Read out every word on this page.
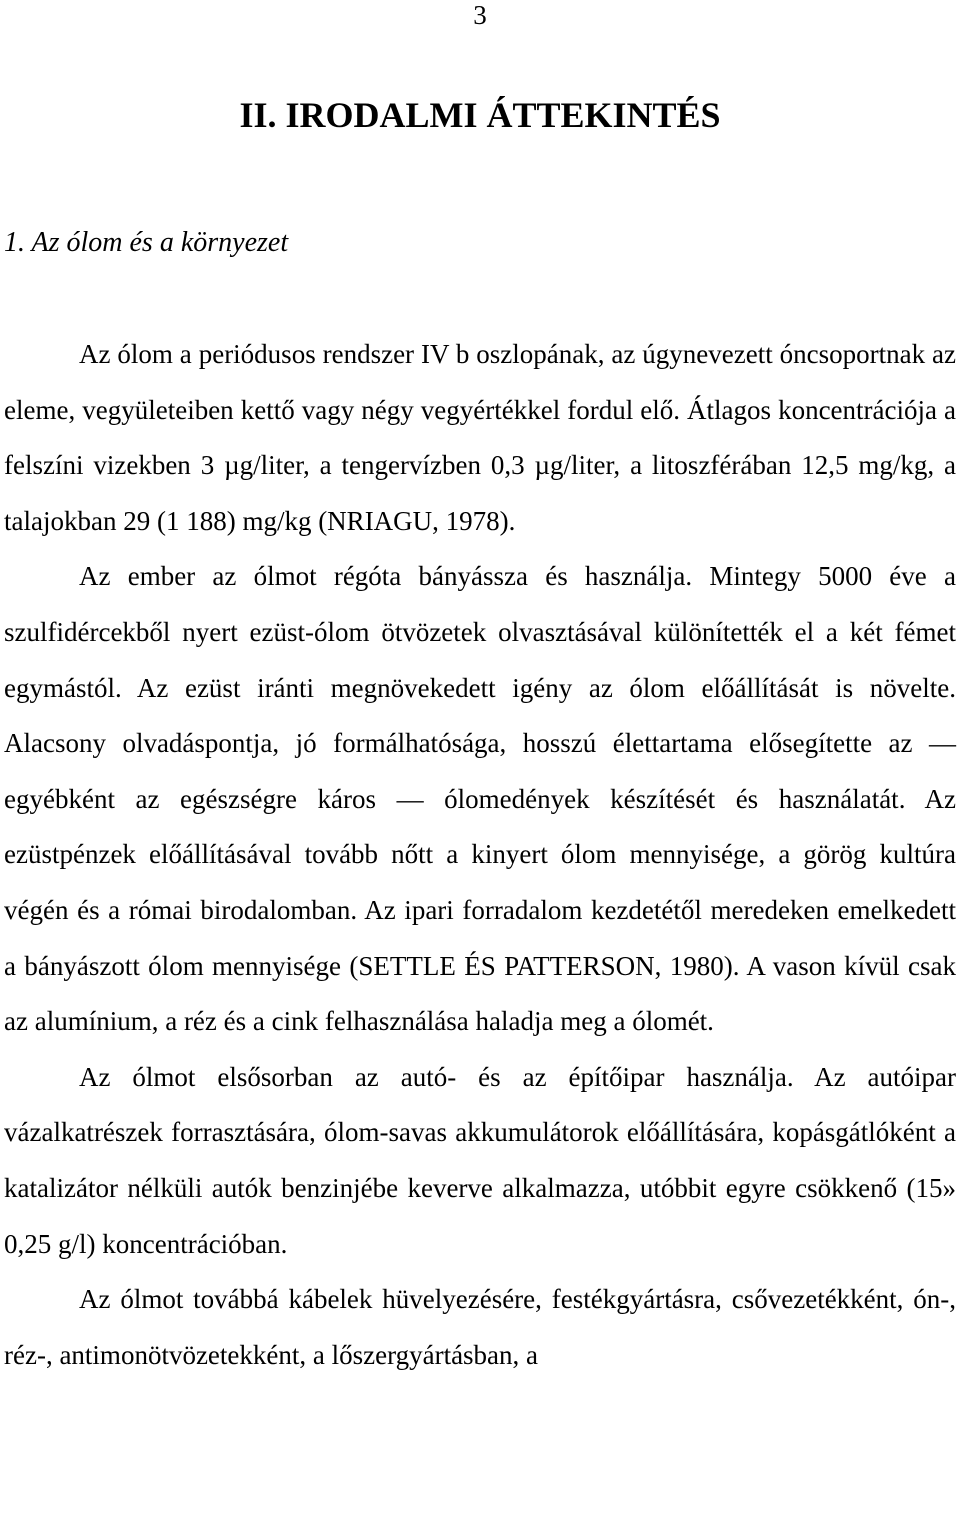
3
II. IRODALMI ÁTTEKINTÉS
1. Az ólom és a környezet

Az ólom a periódusos rendszer IV b oszlopának, az úgynevezett óncsoportnak az eleme, vegyületeiben kettő vagy négy vegyértékkel fordul elő. Átlagos koncentrációja a felszíni vizekben 3 µg/liter, a tengervízben 0,3 µg/liter, a litoszférában 12,5 mg/kg, a talajokban 29 (1 188) mg/kg (NRIAGU, 1978).

Az ember az ólmot régóta bányássza és használja. Mintegy 5000 éve a szulfidércekből nyert ezüst-ólom ötvözetek olvasztásával különítették el a két fémet egymástól. Az ezüst iránti megnövekedett igény az ólom előállítását is növelte. Alacsony olvadáspontja, jó formálhatósága, hosszú élettartama elősegítette az — egyébként az egészségre káros — ólomedények készítését és használatát. Az ezüstpénzek előállításával tovább nőtt a kinyert ólom mennyisége, a görög kultúra végén és a római birodalomban. Az ipari forradalom kezdetétől meredeken emelkedett a bányászott ólom mennyisége (SETTLE ÉS PATTERSON, 1980). A vason kívül csak az alumínium, a réz és a cink felhasználása haladja meg a ólomét.

Az ólmot elsősorban az autó- és az építőipar használja. Az autóipar vázalkatrészek forrasztására, ólom-savas akkumulátorok előállítására, kopásgátlóként a katalizátor nélküli autók benzinjébe keverve alkalmazza, utóbbit egyre csökkenő (15» 0,25 g/l) koncentrációban.

Az ólmot továbbá kábelek hüvelyezésére, festékgyártásra, csővezetékként, ón-, réz-, antimonötvözetekként, a lőszergyártásban, a
